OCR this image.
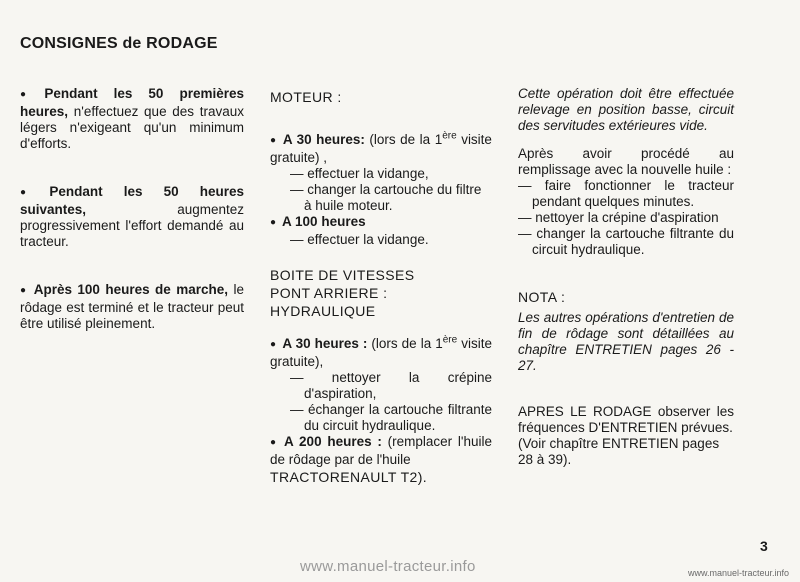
CONSIGNES de RODAGE

● Pendant les 50 premières heures, n'effectuez que des travaux légers n'exigeant qu'un minimum d'efforts.

● Pendant les 50 heures suivantes,	augmentez progressivement l'effort demandé au tracteur.

● Après 100 heures de marche, le rôdage est terminé et le tracteur peut être utilisé pleinement.

MOTEUR :

● A 30 heures: (lors de la 1ère visite gratuite) ,

— effectuer la vidange,

— changer la cartouche du filtre à huile moteur.

● A 100 heures

— effectuer la vidange.

BOITE DE VITESSES

PONT ARRIERE :

HYDRAULIQUE

● A 30 heures : (lors de la 1ère visite gratuite),

— nettoyer la crépine d'aspiration,

— échanger la cartouche filtrante du circuit hydraulique.

● A 200 heures : (remplacer l'huile de rôdage par de l'huile

TRACTORENAULT T2).

Cette opération doit être effectuée relevage en position basse, circuit des servitudes extérieures vide.

Après avoir procédé au remplissage avec la nouvelle huile :

— faire fonctionner le tracteur pendant quelques minutes.

— nettoyer la crépine d'aspiration

— changer la cartouche filtrante du circuit hydraulique.

NOTA :

Les autres opérations d'entretien de fin de rôdage sont détaillées au chapître ENTRETIEN pages 26 - 27.

APRES LE RODAGE observer les fréquences D'ENTRETIEN prévues.

(Voir chapître ENTRETIEN pages 28 à 39).

3
www.manuel-tracteur.info	www.manuel-tracteur.info
